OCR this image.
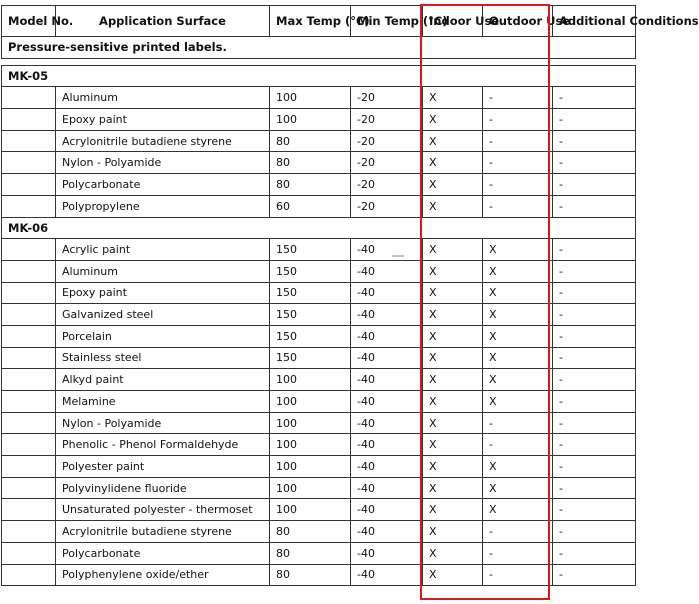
Model No.	Application Surface	Max Temp (°C)	Min Temp (°C)	Indoor Use	Outdoor Use	Additional Conditions
Pressure-sensitive printed labels.						

MK-05						
	Aluminum	100	-20	X	-	-
	Epoxy paint	100	-20	X	-	-
	Acrylonitrile butadiene styrene	80	-20	X	-	-
	Nylon - Polyamide	80	-20	X	-	-
	Polycarbonate	80	-20	X	-	-
	Polypropylene	60	-20	X	-	-
MK-06						
	Acrylic paint	150	-40	X	X	-
	Aluminum	150	-40	X	X	-
	Epoxy paint	150	-40	X	X	-
	Galvanized steel	150	-40	X	X	-
	Porcelain	150	-40	X	X	-
	Stainless steel	150	-40	X	X	-
	Alkyd paint	100	-40	X	X	-
	Melamine	100	-40	X	X	-
	Nylon - Polyamide	100	-40	X	-	-
	Phenolic - Phenol Formaldehyde	100	-40	X	-	-
	Polyester paint	100	-40	X	X	-
	Polyvinylidene fluoride	100	-40	X	X	-
	Unsaturated polyester - thermoset	100	-40	X	X	-
	Acrylonitrile butadiene styrene	80	-40	X	-	-
	Polycarbonate	80	-40	X	-	-
	Polyphenylene oxide/ether	80	-40	X	-	-
